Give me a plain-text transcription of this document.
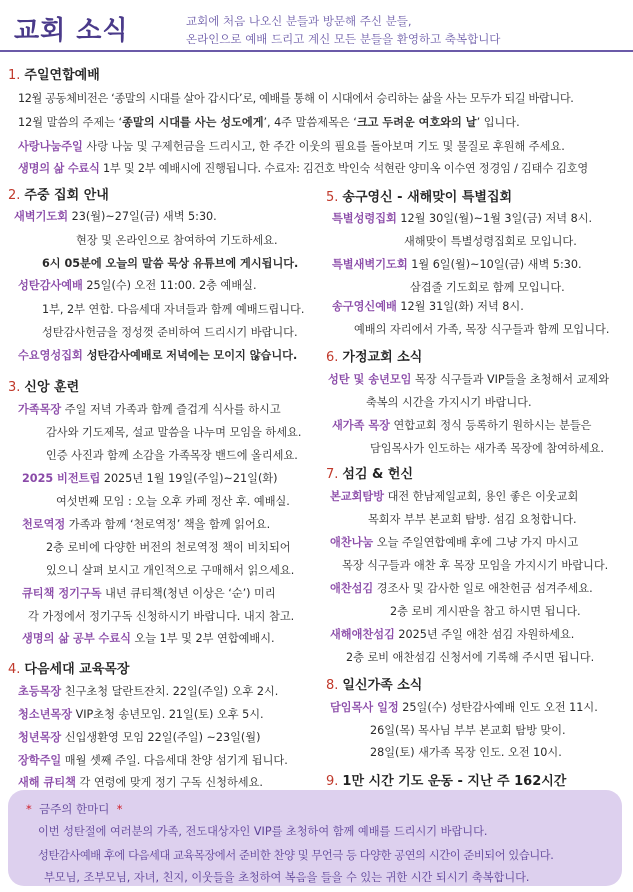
교회 소식	교회에 처음 나오신 분들과 방문해 주신 분들,
온라인으로 예배 드리고 계신 모든 분들을 환영하고 축복합니다
1. 주일연합예배
12월 공동체비전은 ‘종말의 시대를 살아 갑시다’로, 예배를 통해 이 시대에서 승리하는 삶을 사는 모두가 되길 바랍니다.
12월 말씀의 주제는 ‘종말의 시대를 사는 성도에게’, 4주 말씀제목은 ‘크고 두려운 여호와의 날’ 입니다.
사랑나눔주일 사랑 나눔 및 구제헌금을 드리시고, 한 주간 이웃의 필요를 돌아보며 기도 및 물질로 후원해 주세요.
생명의 삶 수료식 1부 및 2부 예배시에 진행됩니다. 수료자: 김건호 박인숙 석현란 양미옥 이수연 정경임 / 김태수 김호영
2. 주중 집회 안내
새벽기도회 23(월)~27일(금) 새벽 5:30.
현장 및 온라인으로 참여하여 기도하세요.
6시 05분에 오늘의 말씀 묵상 유튜브에 게시됩니다.
성탄감사예배 25일(수) 오전 11:00. 2층 예배실.
1부, 2부 연합. 다음세대 자녀들과 함께 예배드립니다.
성탄감사헌금을 정성껏 준비하여 드리시기 바랍니다.
수요영성집회 성탄감사예배로 저녁에는 모이지 않습니다.
3. 신앙 훈련
가족목장 주일 저녁 가족과 함께 즐겁게 식사를 하시고
감사와 기도제목, 설교 말씀을 나누며 모임을 하세요.
인증 사진과 함께 소감을 가족목장 밴드에 올리세요.
2025 비전트립 2025년 1월 19일(주일)~21일(화)
여섯번째 모임 : 오늘 오후 카페 정산 후. 예배실.
천로역정 가족과 함께 ‘천로역정’ 책을 함께 읽어요.
2층 로비에 다양한 버전의 천로역정 책이 비치되어
있으니 살펴 보시고 개인적으로 구매해서 읽으세요.
큐티책 정기구독 내년 큐티책(청년 이상은 ‘순’) 미리
각 가정에서 정기구독 신청하시기 바랍니다. 내지 참고.
생명의 삶 공부 수료식 오늘 1부 및 2부 연합예배시.
4. 다음세대 교육목장
초등목장 친구초청 달란트잔치. 22일(주일) 오후 2시.
청소년목장 VIP초청 송년모임. 21일(토) 오후 5시.
청년목장 신입생환영 모임 22일(주일) ~23일(월)
장학주일 매월 셋째 주일. 다음세대 찬양 섬기게 됩니다.
새해 큐티책 각 연령에 맞게 정기 구독 신청하세요.
5. 송구영신 - 새해맞이 특별집회
특별성령집회 12월 30일(월)~1월 3일(금) 저녁 8시.
새해맞이 특별성령집회로 모입니다.
특별새벽기도회 1월 6일(월)~10일(금) 새벽 5:30.
삼겹줄 기도회로 함께 모입니다.
송구영신예배 12월 31일(화) 저녁 8시.
예배의 자리에서 가족, 목장 식구들과 함께 모입니다.
6. 가정교회 소식
성탄 및 송년모임 목장 식구들과 VIP들을 초청해서 교제와
축복의 시간을 가지시기 바랍니다.
새가족 목장 연합교회 정식 등록하기 원하시는 분들은
담임목사가 인도하는 새가족 목장에 참여하세요.
7. 섬김 & 헌신
본교회탐방 대전 한남제일교회, 용인 좋은 이웃교회
목회자 부부 본교회 탐방. 섬김 요청합니다.
애찬나눔 오늘 주일연합예배 후에 그냥 가지 마시고
목장 식구들과 애찬 후 목장 모임을 가지시기 바랍니다.
애찬섬김 경조사 및 감사한 일로 애찬헌금 섬겨주세요.
2층 로비 게시판을 참고 하시면 됩니다.
새해애찬섬김 2025년 주일 애찬 섬김 자원하세요.
2층 로비 애찬섬김 신청서에 기록해 주시면 됩니다.
8. 일신가족 소식
담임목사 일정 25일(수) 성탄감사예배 인도 오전 11시.
26일(목) 목사님 부부 본교회 탐방 맞이.
28일(토) 새가족 목장 인도. 오전 10시.
9. 1만 시간 기도 운동 - 지난 주 162시간
* 금주의 한마디 *
이번 성탄절에 여러분의 가족, 전도대상자인 VIP를 초청하여 함께 예배를 드리시기 바랍니다.
성탄감사예배 후에 다음세대 교육목장에서 준비한 찬양 및 무언극 등 다양한 공연의 시간이 준비되어 있습니다.
부모님, 조부모님, 자녀, 친지, 이웃들을 초청하여 복음을 들을 수 있는 귀한 시간 되시기 축복합니다.
